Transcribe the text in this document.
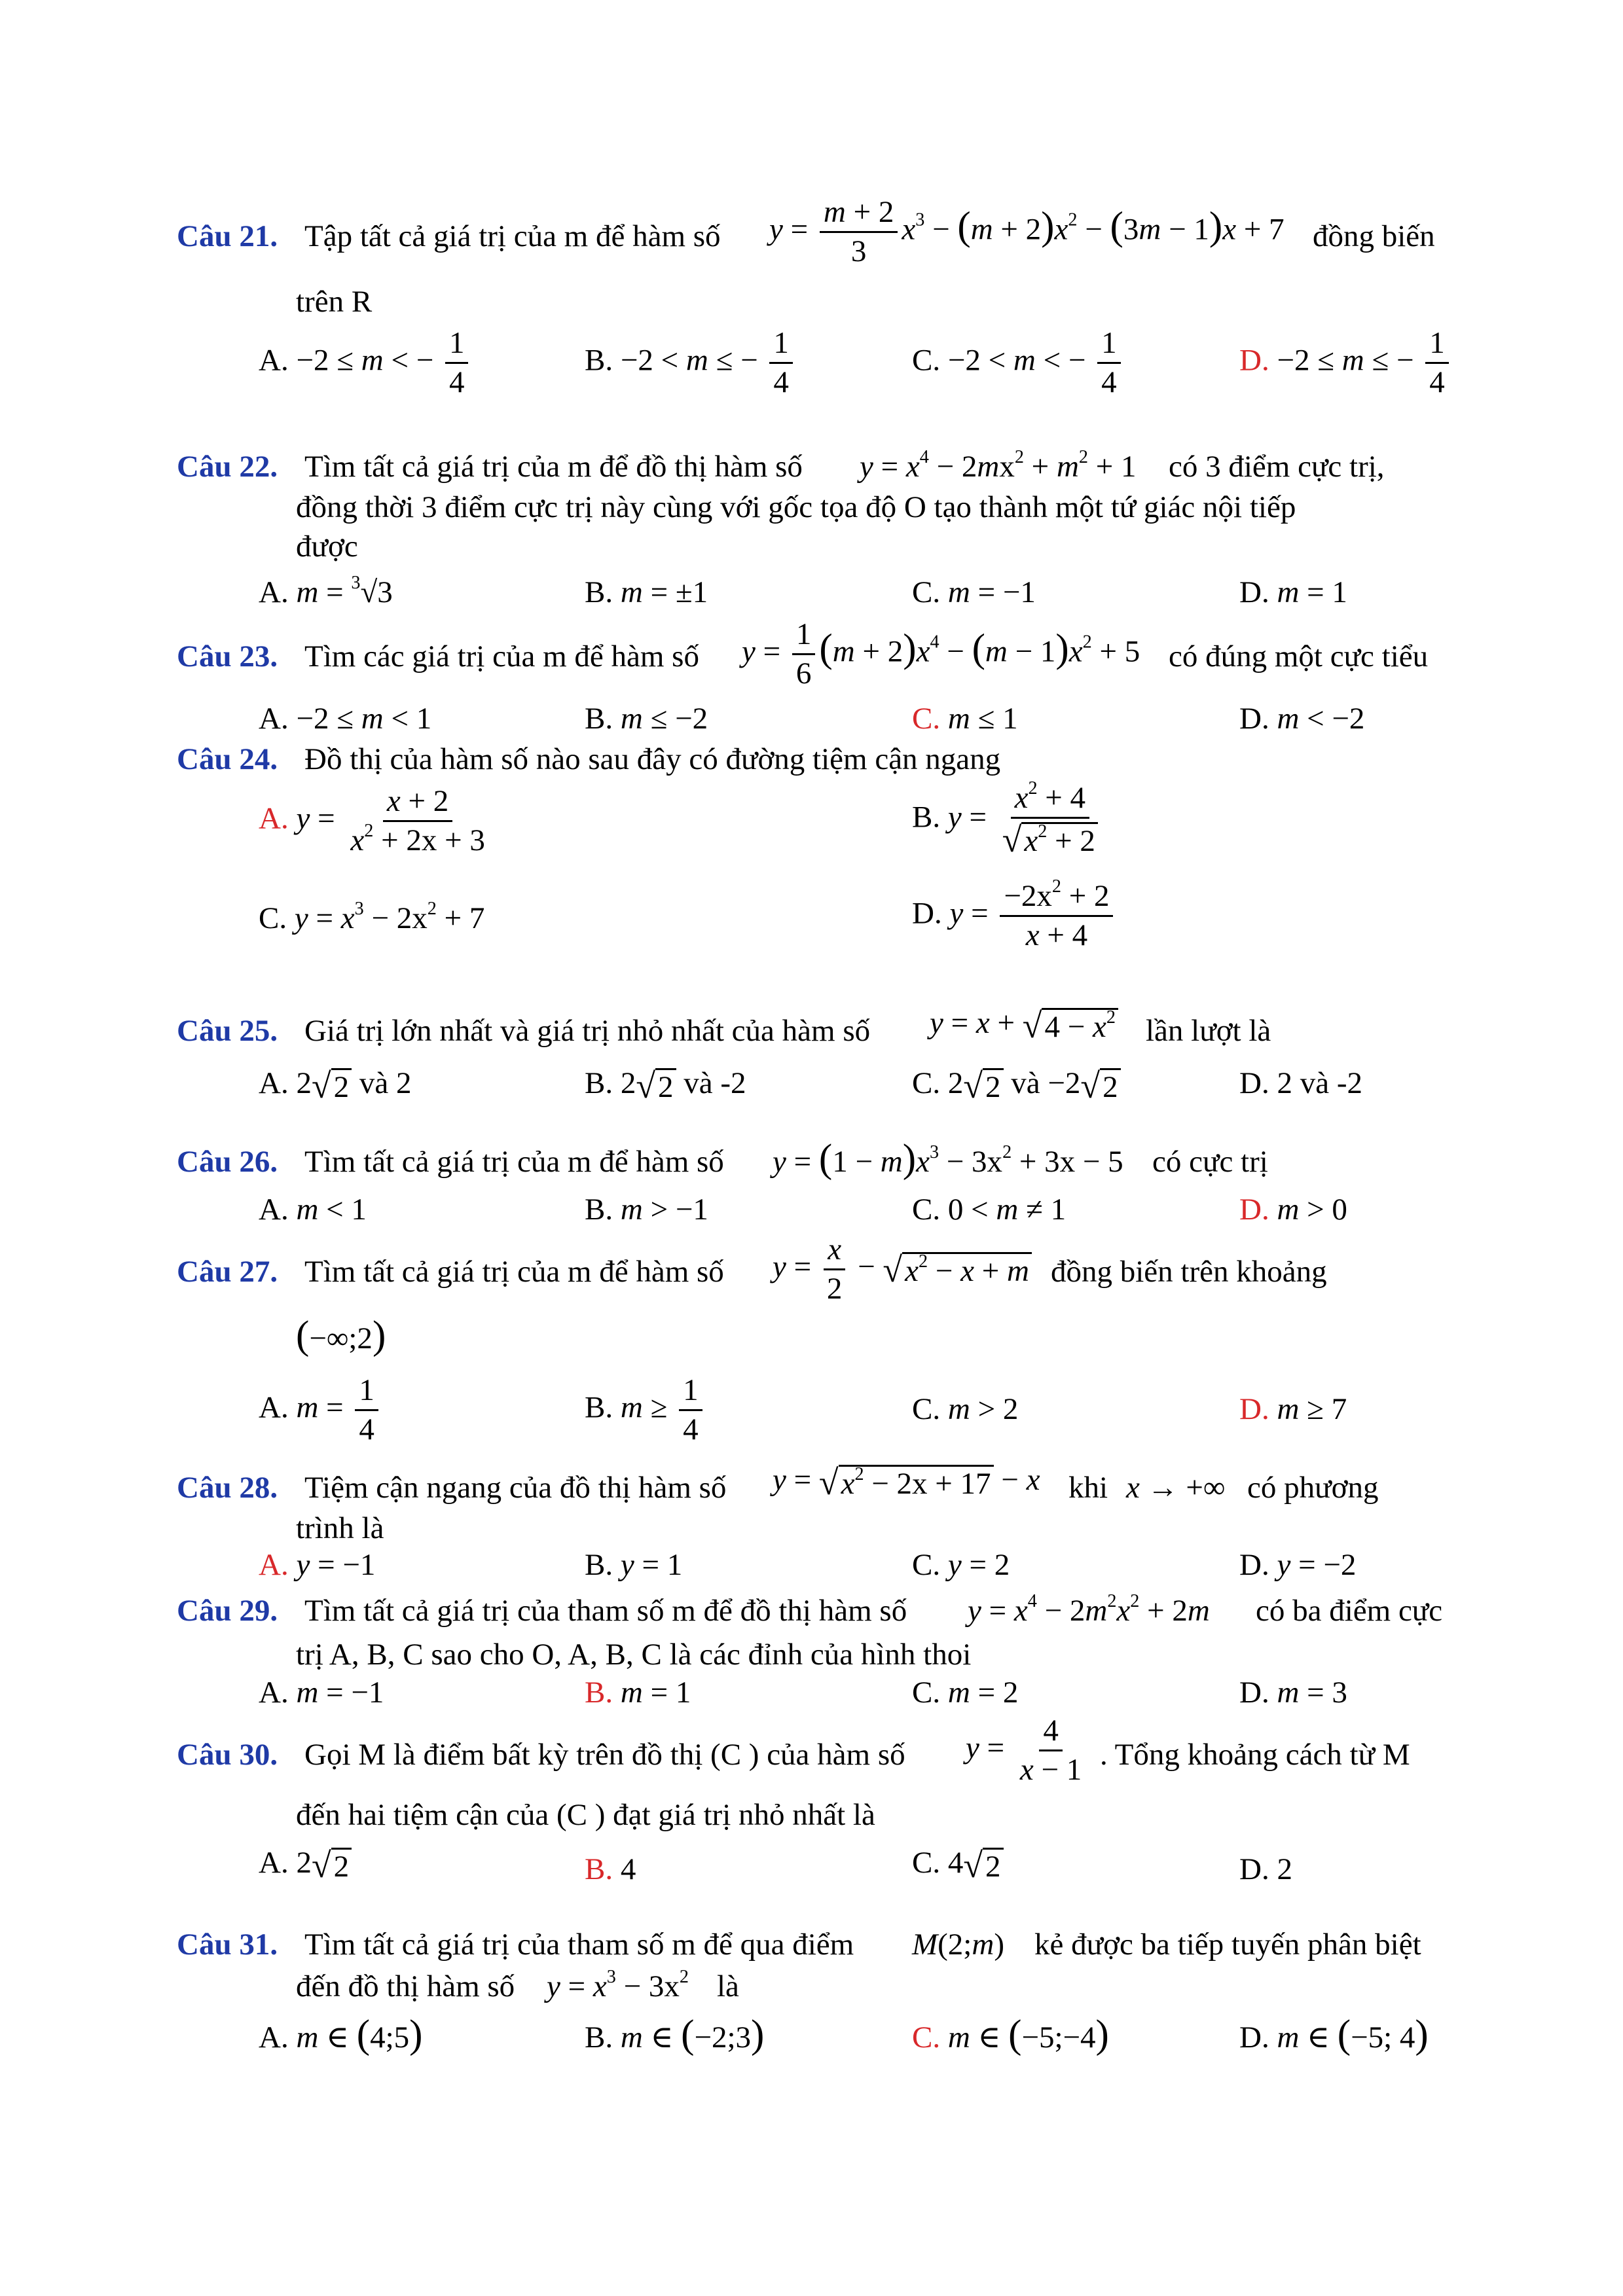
Câu 21. Tập tất cả giá trị của m để hàm số $y = \frac{m + 2}{3} x^3 - (m + 2)x^2 - (3m - 1)x + 7$ đồng biến
trên R
A. −2 ≤ m < − $\frac{1}{4}$	B. −2 < m ≤ − $\frac{1}{4}$	C. −2 < m < − $\frac{1}{4}$	D. −2 ≤ m ≤ − $\frac{1}{4}$
Câu 22. Tìm tất cả giá trị của m để đồ thị hàm số $y = x^4 - 2mx^2 + m^2 + 1$ có 3 điểm cực trị,
đồng thời 3 điểm cực trị này cùng với gốc tọa độ O tạo thành một tứ giác nội tiếp
được
A. m = $^3$√3	B. m = ±1	C. m = −1	D. m = 1
Câu 23. Tìm các giá trị của m để hàm số $y = \frac{1}{6} (m + 2)x^4 - (m - 1)x^2 + 5$ có đúng một cực tiểu
A. −2 ≤ m < 1	B. m ≤ −2	C. m ≤ 1	D. m < −2
Câu 24. Đồ thị của hàm số nào sau đây có đường tiệm cận ngang
A. $y = \frac{x + 2}{x^2 + 2x + 3}$	B. $y = \frac{x^2 + 4}{√ x^2 + 2}$
C. $y = x^3 - 2x^2 + 7$	D. $y = \frac{-2x^2 + 2}{x + 4}$
Câu 25. Giá trị lớn nhất và giá trị nhỏ nhất của hàm số y = x + √ $4 - x^2$ lần lượt là
A. 2 √ 2 và 2	B. 2 √ 2 và -2	C. 2 √ 2 và −2 √ 2	D. 2 và -2
Câu 26. Tìm tất cả giá trị của m để hàm số $y = (1 - m)x^3 - 3x^2 + 3x - 5$ có cực trị
A. m < 1	B. m > −1	C. 0 < m ≠ 1	D. m > 0
Câu 27. Tìm tất cả giá trị của m để hàm số $y = \frac{x}{2}$ − √ $x^2 - x + m$ đồng biến trên khoảng
(−∞;2)
A. $m = \frac{1}{4}$	B. $m \ge \frac{1}{4}$	C. m > 2	D. m ≥ 7
Câu 28. Tiệm cận ngang của đồ thị hàm số y = √ $x^2 - 2x + 17 - x$ khi x → +∞ có phương
trình là
A. y = −1	B. y = 1	C. y = 2	D. y = −2
Câu 29. Tìm tất cả giá trị của tham số m để đồ thị hàm số $y = x^4 - 2m^2x^2 + 2m$ có ba điểm cực
trị A, B, C sao cho O, A, B, C là các đỉnh của hình thoi
A. m = −1	B. m = 1	C. m = 2	D. m = 3
Câu 30. Gọi M là điểm bất kỳ trên đồ thị (C ) của hàm số $y = \frac{4}{x - 1}$ . Tổng khoảng cách từ M
đến hai tiệm cận của (C ) đạt giá trị nhỏ nhất là
A. 2 √ 2	B. 4	C. 4 √ 2	D. 2
Câu 31. Tìm tất cả giá trị của tham số m để qua điểm M(2;m) kẻ được ba tiếp tuyến phân biệt
đến đồ thị hàm số $y = x^3 - 3x^2$ là
A. m ∈ (4;5)	B. m ∈ (−2;3)	C. m ∈ (−5;−4)	D. m ∈ (−5; 4)
